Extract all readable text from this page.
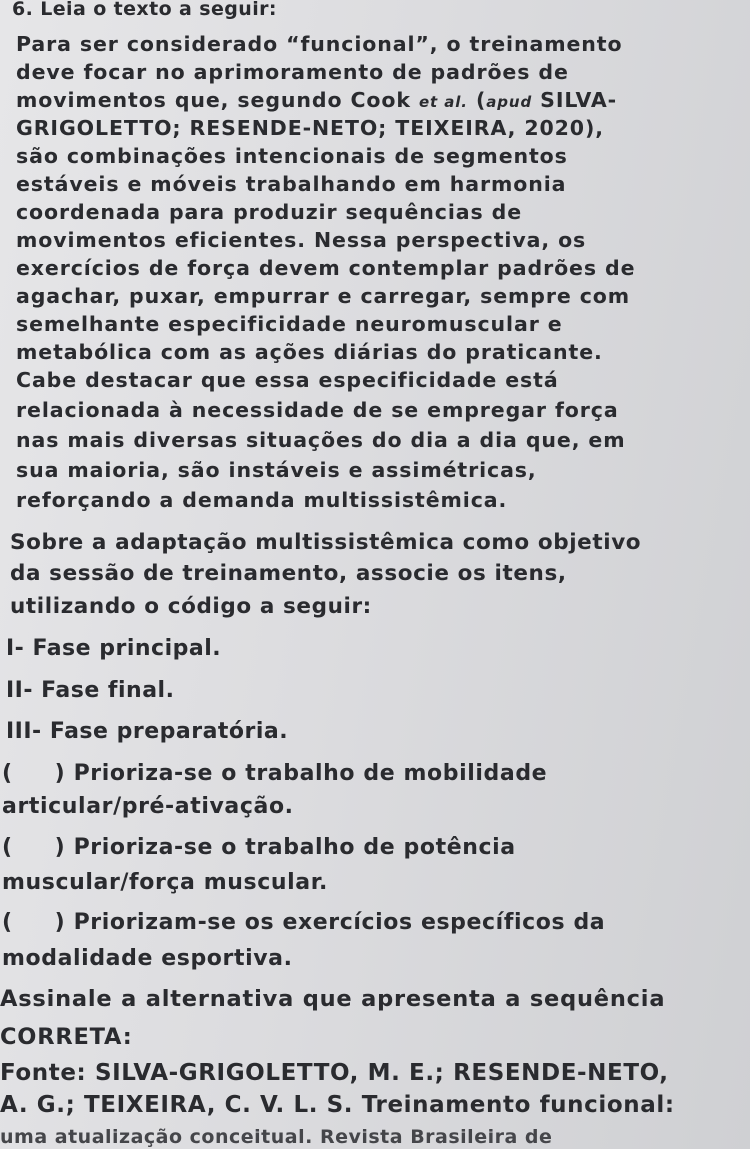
6. Leia o texto a seguir:
Para ser considerado “funcional”, o treinamento
deve focar no aprimoramento de padrões de
movimentos que, segundo Cook et al. (apud SILVA-
GRIGOLETTO; RESENDE-NETO; TEIXEIRA, 2020),
são combinações intencionais de segmentos
estáveis e móveis trabalhando em harmonia
coordenada para produzir sequências de
movimentos eficientes. Nessa perspectiva, os
exercícios de força devem contemplar padrões de
agachar, puxar, empurrar e carregar, sempre com
semelhante especificidade neuromuscular e
metabólica com as ações diárias do praticante.
Cabe destacar que essa especificidade está
relacionada à necessidade de se empregar força
nas mais diversas situações do dia a dia que, em
sua maioria, são instáveis e assimétricas,
reforçando a demanda multissistêmica.
Sobre a adaptação multissistêmica como objetivo
da sessão de treinamento, associe os itens,
utilizando o código a seguir:
I- Fase principal.
II- Fase final.
III- Fase preparatória.
( ) Prioriza-se o trabalho de mobilidade
articular/pré-ativação.
( ) Prioriza-se o trabalho de potência
muscular/força muscular.
( ) Priorizam-se os exercícios específicos da
modalidade esportiva.
Assinale a alternativa que apresenta a sequência
CORRETA:
Fonte: SILVA-GRIGOLETTO, M. E.; RESENDE-NETO,
A. G.; TEIXEIRA, C. V. L. S. Treinamento funcional:
uma atualização conceitual. Revista Brasileira de
